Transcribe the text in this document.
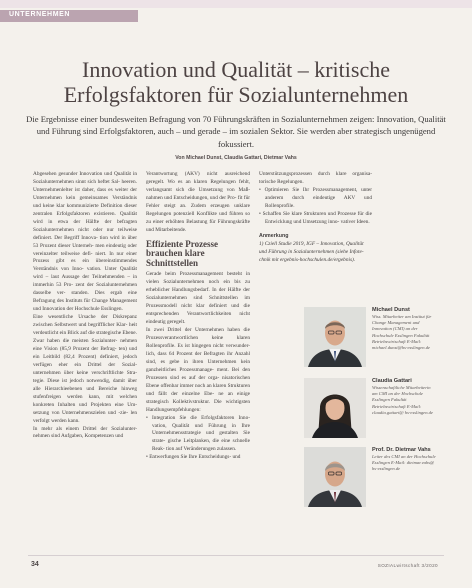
UNTERNEHMEN
Innovation und Qualität – kritische
Erfolgsfaktoren für Sozialunternehmen

Die Ergebnisse einer bundesweiten Befragung von 70 Führungskräften in Sozialunternehmen zeigen: Innovation, Qualität und Führung sind Erfolgsfaktoren, auch – und gerade – im sozialen Sektor. Sie werden aber strategisch ungenügend fokussiert.

Von Michael Dunst, Claudia Gattari, Dietmar Vahs

Abgesehen gesunder Innovation und Qualität in Sozialunternehmen sinnt sich heftet Sal- heeren. Unternehmenlelter ist daher, dass es weiter der Unternehmen kein gemeinsames Verständnis und keine klar kommunizierte Definition dieser zentralen Erfolgsfaktoren existieren. Qualität wird in etwa der Hälfte der befragten Sozialunternehmen nicht oder nur teilweise definiert. Der Begriff Innova- tion wird in über 53 Prozent dieser Unterneh- men eindeutig oder vereinzelter teilweise defi- niert. In nur einer Prozess gibt es ein übereinstimmendes Verständnis von Inno- vation. Unter Qualität wird – laut Aussage der Teilnehmenden – in immerhin 53 Pro- zent der Sozialunternehmen dasselbe ver- standen. Dies ergab eine Befragung des Instituts für Change Management und Innovation der Hochschule Esslingen.

Eine wesentliche Ursache der Diskrepanz zwischen Selbstwert und begrifflicher Klar- heit verdeutlicht ein Blick auf die strategische Ebene. Zwar haben die meisten Sozialunter- nehmen eine Vision (85,9 Prozent der Befrag- ten) und ein Leitbild (82,4 Prozent) definiert, jedoch verfügen eher ein Drittel der Sozial- unternehmen über keine verschriftlichte Stra- tegie. Diese ist jedoch notwendig, damit über alle Hierarchieebenen und Bereiche hinweg stufenfreigen werden kann, mit welchen konkreten Inhalten und Projekten eine Um- setzung von Unternehmenszielen und -zie- len verfolgt werden kann.

In mehr als einem Drittel der Sozialunter- nehmen sind Aufgaben, Kompetenzen und

Verantwortung (AKV) nicht ausreichend geregelt. Wo es an klaren Regelungen fehlt, verlangsamt sich die Umsetzung von Maß- nahmen und Entscheidungen, und der Pro- fit für Fehler steigt an. Zudem erzeugen unklare Regelungen potenziell Konflikte und führen so zu einer erhöhten Belastung für Führungskräfte und Mitarbeitende.

Effiziente Prozesse brauchen klare Schnittstellen

Gerade beim Prozessmanagement besteht in vielen Sozialunternehmen noch ein bis zu erheblicher Handlungsbedarf. In der Hälfte der Sozialunternehmen sind Schnittstellen im Prozessmodell nicht klar definiert und die entsprechenden Verantwortlichkeiten nicht eindeutig geregelt.

In zwei Drittel der Unternehmen haben die Prozessverantwortlichen keine klaren Rollenprofile. Es ist hingegen nicht verwunder- lich, dass 64 Prozent der Befragten ihr Anzahl sind, es gebe in ihren Unternehmen kein ganzheitliches Prozessmanage- ment. Bei den Prozessen sind es auf der orga- nisatorischen Ebene offenbar immer noch an klaren Strukturen und fällt der einzelne Ebe- ne an einige strategisch Kollektivstruktur. Die wichtigsten Handlungsempfehlungen:

• Integration Sie die Erfolgsfaktoren Inno- vation, Qualität und Führung in Ihre Unternehmensstrategie und gestalten Sie strate- gische Leitplanken, die eine schnelle Reak- tion auf Veränderungen zulassen.
• Entwerfungen Sie Ihre Entscheidungs- und

Unterstützungsprozessen durch klare organisa- torische Regelungen.

• Optimieren Sie Ihr Prozessmanagement, unter anderem durch eindeutige AKV und Rollenprofile.
• Schaffen Sie klare Strukturen und Prozesse für die Entwicklung und Umsetzung inno- vativer Ideen.
Anmerkung

1) Cziell Studie 2019, IGF – Innovation, Qualität und Führung in Sozialunternehmen (siehe Infote- chnik mit ergebnis-hochschulen.de/ergebnis).

Michael Dunst
Wiss. Mitarbeiter am Institut für Change Management und Innovation (CMI) an der Hochschule Esslingen Fakultät Betriebswirtschaft E-Mail: michael.dunst@hs-esslingen.de
Claudia Gattari
Wissenschaftliche Mitarbeiterin am CMI an der Hochschule Esslingen Fakultät Betriebswirtschaft E-Mail: claudia.gattari@ hs-esslingen.de
Prof. Dr. Dietmar Vahs
Leiter des CMI an der Hochschule Esslingen E-Mail: dietmar.vahs@ hs-esslingen.de
34	SOZIALwirtschaft 3/2020
